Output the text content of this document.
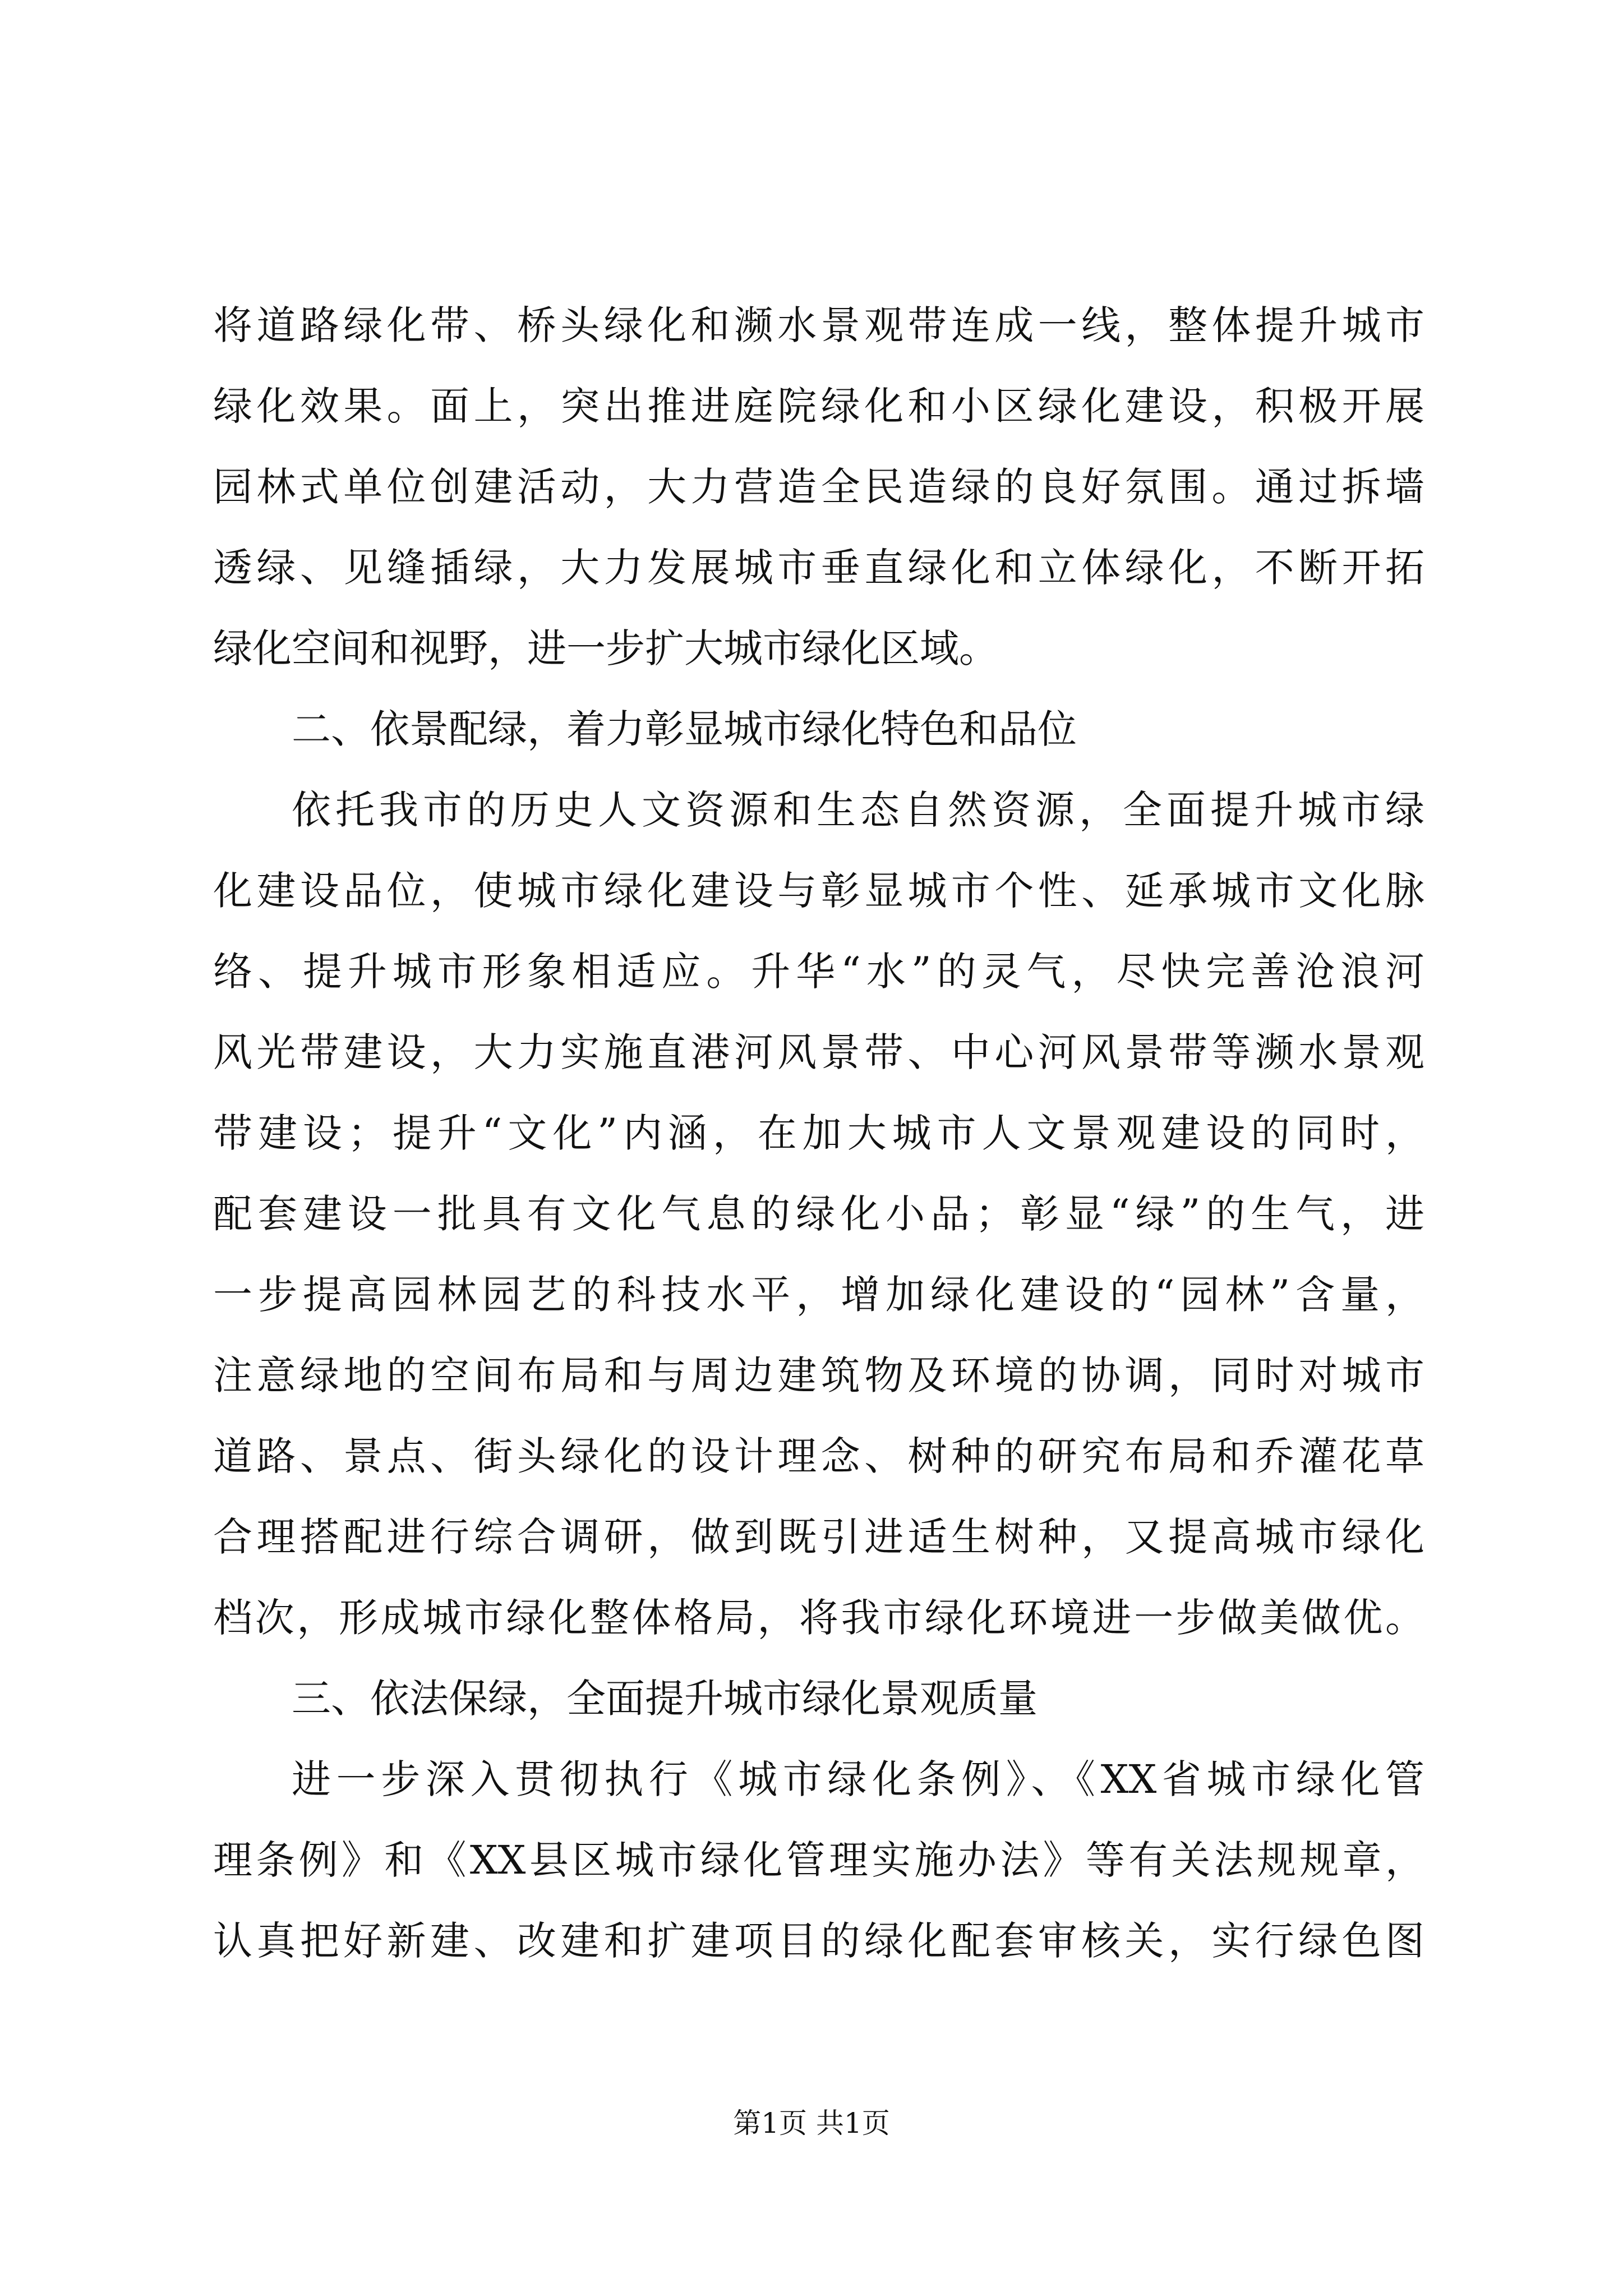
将道路绿化带、桥头绿化和濒水景观带连成一线，整体提升城市
绿化效果。面上，突出推进庭院绿化和小区绿化建设，积极开展
园林式单位创建活动，大力营造全民造绿的良好氛围。通过拆墙
透绿、见缝插绿，大力发展城市垂直绿化和立体绿化，不断开拓
绿化空间和视野，进一步扩大城市绿化区域。
二、依景配绿，着力彰显城市绿化特色和品位
依托我市的历史人文资源和生态自然资源，全面提升城市绿
化建设品位，使城市绿化建设与彰显城市个性、延承城市文化脉
络、提升城市形象相适应。升华“水”的灵气，尽快完善沧浪河
风光带建设，大力实施直港河风景带、中心河风景带等濒水景观
带建设；提升“文化”内涵，在加大城市人文景观建设的同时，
配套建设一批具有文化气息的绿化小品；彰显“绿”的生气，进
一步提高园林园艺的科技水平，增加绿化建设的“园林”含量，
注意绿地的空间布局和与周边建筑物及环境的协调，同时对城市
道路、景点、街头绿化的设计理念、树种的研究布局和乔灌花草
合理搭配进行综合调研，做到既引进适生树种，又提高城市绿化
档次，形成城市绿化整体格局，将我市绿化环境进一步做美做优。
三、依法保绿，全面提升城市绿化景观质量
进一步深入贯彻执行《城市绿化条例》、《XX省城市绿化管
理条例》和《XX县区城市绿化管理实施办法》等有关法规规章，
认真把好新建、改建和扩建项目的绿化配套审核关，实行绿色图
第1页 共1页
